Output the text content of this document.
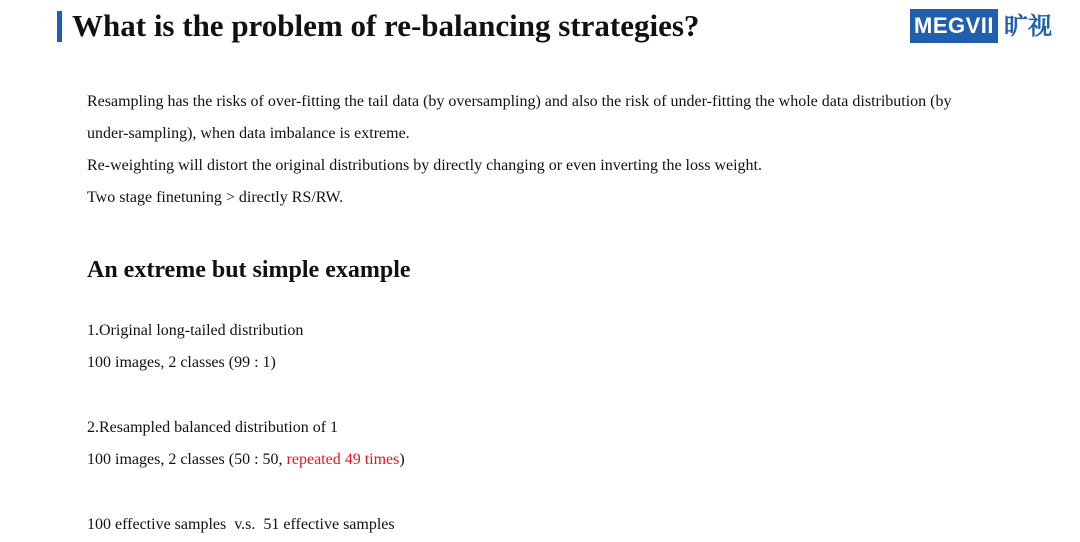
What is the problem of re-balancing strategies?	MEGVII 旷视

Resampling has the risks of over-fitting the tail data (by oversampling) and also the risk of under-fitting the whole data distribution (by under-sampling), when data imbalance is extreme.

Re-weighting will distort the original distributions by directly changing or even inverting the loss weight.

Two stage finetuning > directly RS/RW.

An extreme but simple example
1.Original long-tailed distribution
100 images, 2 classes (99 : 1)
2.Resampled balanced distribution of 1
100 images, 2 classes (50 : 50, repeated 49 times)
100 effective samples  v.s.  51 effective samples
